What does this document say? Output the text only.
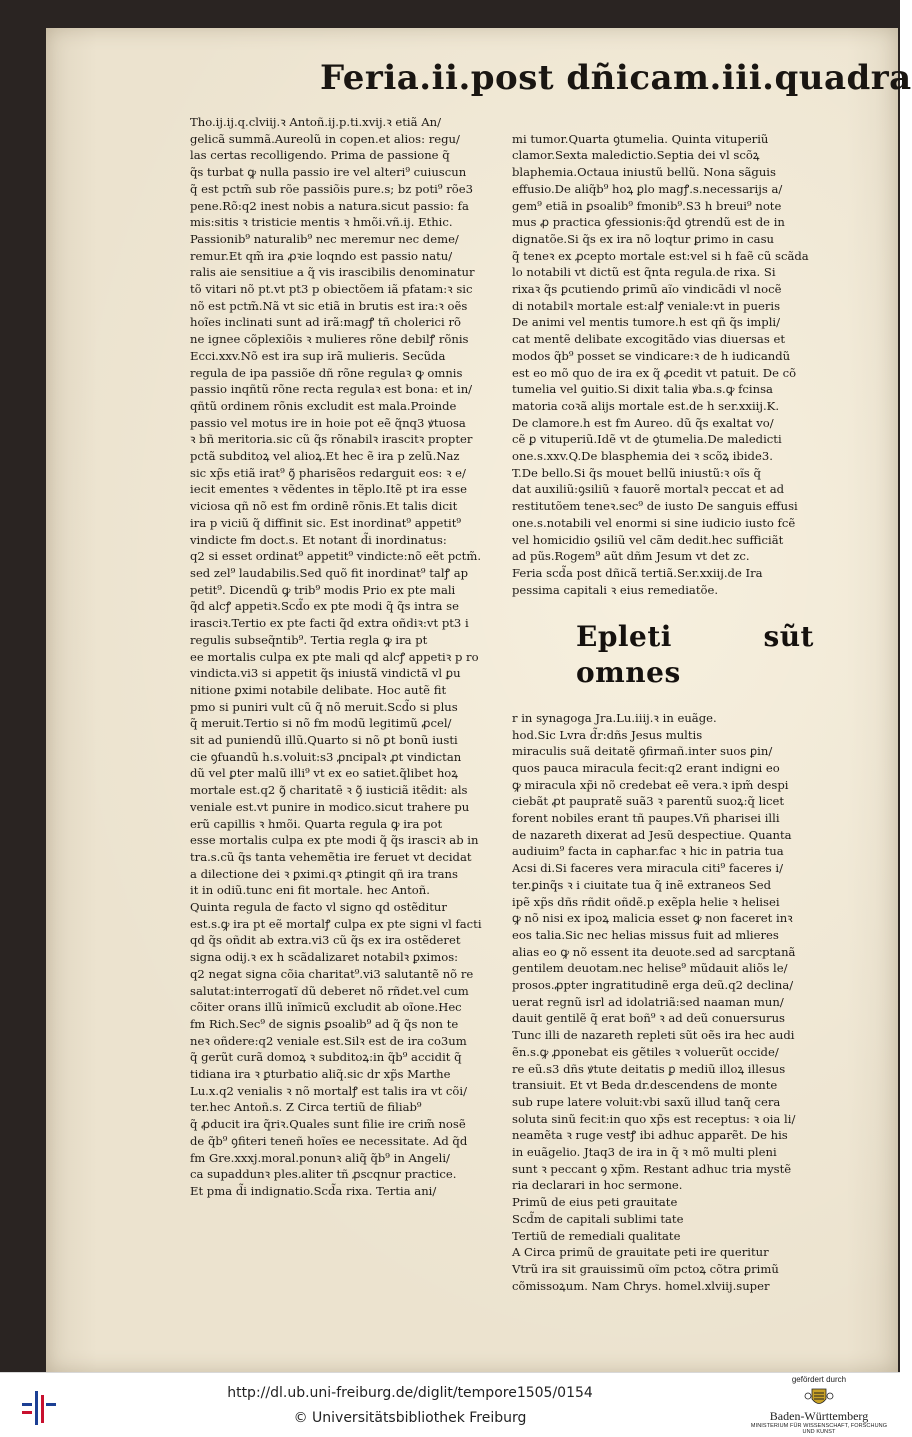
Feria.ii.post dñicam.iii.quadra
Tho.ij.ij.q.clviij.ꝛ Antoñ.ij.p.ti.xvij.ꝛ etiã An/
gelicã summã.Aureolũ in copen.et alios: regu/
las certas recolligendo. Prima de passione q̃
q̃s turbat ꝙ nulla passio ire vel alteri⁹ cuiuscun
q̃ est pctm̃ sub rõe passiõis pure.s; bz poti⁹ rõe3
pene.Rõ:q2 inest nobis a natura.sicut passio: fa
mis:sitis ꝛ tristicie mentis ꝛ hmõi.vñ.ij. Ethic.
Passionib⁹ naturalib⁹ nec meremur nec deme/
remur.Et qm̃ ira ꝓꝛie loqndo est passio natu/
ralis aie sensitiue a q̃ vis irascibilis denominatur
tõ vitari nõ pt.vt pt3 p obiectõem iã pfatam:ꝛ sic
nõ est pctm̃.Nã vt sic etiã in brutis est ira:ꝛ oẽs
hoĩes inclinati sunt ad irã:magꝭ tñ cholerici rõ
ne ignee cõplexiõis ꝛ mulieres rõne debilꝭ rõnis
Ecci.xxv.Nõ est ira sup irã mulieris. Secũda
regula de ipa passiõe dñ rõne regulaꝛ ꝙ omnis
passio inqñtũ rõne recta regulaꝛ est bona: et in/
qñtũ ordinem rõnis excludit est mala.Proinde
passio vel motus ire in hoie pot eẽ q̃nq3 ꝟtuosa
ꝛ bñ meritoria.sic cũ q̃s rõnabilꝛ irascitꝛ propter
pctã subditoꝝ vel alioꝝ.Et hec ẽ ira p zelũ.Naz
sic xp̃s etiã irat⁹ ꝯ̃ pharisẽos redarguit eos: ꝛ e/
iecit ementes ꝛ vẽdentes in tẽplo.Itẽ pt ira esse
viciosa qñ nõ est fm ordinẽ rõnis.Et talis dicit
ira p viciũ q̃ diffinit sic. Est inordinat⁹ appetit⁹
vindicte fm doct.s. Et notant d̃i inordinatus:
q2 si esset ordinat⁹ appetit⁹ vindicte:nõ eẽt pctm̃.
sed zel⁹ laudabilis.Sed quõ fit inordinat⁹ talꝭ ap
petit⁹. Dicendũ ꝙ trib⁹ modis Prio ex pte mali
q̃d alcꝭ appetiꝛ.Scd̃o ex pte modi q̃ q̃s intra se
irasciꝛ.Tertio ex pte facti q̃d extra oñdiꝛ:vt pt3 i
regulis subseq̃ntib⁹. Tertia regla ꝙ ira pt
ee mortalis culpa ex pte mali qd alcꝭ appetiꝛ p ro
vindicta.vi3 si appetit q̃s iniustã vindictã vl ꝑu
nitione ꝑximi notabile delibate. Hoc autẽ fit
pmo si puniri vult cũ q̃ nõ meruit.Scd̃o si plus
q̃ meruit.Tertio si nõ fm modũ legitimũ ꝓcel/
sit ad puniendũ illũ.Quarto si nõ ꝑt bonũ iusti
cie ꝯfuandũ h.s.voluit:s3 ꝓncipalꝛ ꝓt vindictan
dũ vel ꝑter malũ illi⁹ vt ex eo satiet.q̃libet hoꝝ
mortale est.q2 ꝯ̃ charitatẽ ꝛ ꝯ̃ iusticiã itẽdit: als
veniale est.vt punire in modico.sicut trahere pu
erũ capillis ꝛ hmõi. Quarta regula ꝙ ira pot
esse mortalis culpa ex pte modi q̃ q̃s irasciꝛ ab in
tra.s.cũ q̃s tanta vehemẽtia ire feruet vt decidat
a dilectione dei ꝛ ꝑximi.qꝛ ꝓtingit qñ ira trans
it in odiũ.tunc eni fit mortale. hec Antoñ.
Quinta regula de facto vl signo qd ostẽditur
est.s.ꝙ ira pt eẽ mortalꝭ culpa ex pte signi vl facti
qd q̃s oñdit ab extra.vi3 cũ q̃s ex ira ostẽderet
signa odij.ꝛ ex h scãdalizaret notabilꝛ ꝑximos:
q2 negat signa cõia charitat⁹.vi3 salutantẽ nõ re
salutat:interrogatĩ dũ deberet nõ rñdet.vel cum
cõiter orans illũ inĩmicũ excludit ab oĩone.Hec
fm Rich.Sec⁹ de signis ꝑsoalib⁹ ad q̃ q̃s non te
neꝛ oñdere:q2 veniale est.Silꝛ est de ira co3um
q̃ gerũt curã domoꝝ ꝛ subditoꝝ:in q̃b⁹ accidit q̃
tidiana ira ꝛ ꝑturbatio aliq̃.sic dr xp̃s Marthe
Lu.x.q2 venialis ꝛ nõ mortalꝭ est talis ira vt cõi/
ter.hec Antoñ.s. Z Circa tertiũ de filiab⁹
q̃ ꝓducit ira q̃riꝛ.Quales sunt filie ire crim̃ nosẽ
de q̃b⁹ ꝯfiteri teneñ hoĩes ee necessitate. Ad q̃d
fm Gre.xxxj.moral.ponunꝛ aliq̃ q̃b⁹ in Angeli/
ca supaddunꝛ ples.aliter tñ ꝓscqnur practice.
Et pma d̃i indignatio.Scd̃a rixa. Tertia ani/

mi tumor.Quarta ꝯtumelia. Quinta vituperiũ
clamor.Sexta maledictio.Septia dei vl scõꝝ
blaphemia.Octaua iniustũ bellũ. Nona sãguis
effusio.De aliq̃b⁹ hoꝝ ꝑlo magꝭ.s.necessarijs a/
gem⁹ etiã in ꝑsoalib⁹ fmonib⁹.S3 h breui⁹ note
mus ꝓ practica ꝯfessionis:q̃d ꝯtrendũ est de in
dignatõe.Si q̃s ex ira nõ loqtur ꝑrimo in casu
q̃ teneꝛ ex ꝓcepto mortale est:vel si h faẽ cũ scãda
lo notabili vt dictũ est q̃nta regula.de rixa. Si
rixaꝛ q̃s ꝑcutiendo ꝑrimũ aĩo vindicãdi vl nocẽ
di notabilꝛ mortale est:alꝭ veniale:vt in pueris
De animi vel mentis tumore.h est qñ q̃s impli/
cat mentẽ delibate excogitãdo vias diuersas et
modos q̃b⁹ posset se vindicare:ꝛ de h iudicandũ
est eo mõ quo de ira ex q̃ ꝓcedit vt patuit. De cõ
tumelia vel ꝯuitio.Si dixit talia ꝟba.s.ꝙ fcinsa
matoria coꝛã alijs mortale est.de h ser.xxiij.K.
De clamore.h est fm Aureo. dũ q̃s exaltat vo/
cẽ ꝑ vituperiũ.Idẽ vt de ꝯtumelia.De maledicti
one.s.xxv.Q.De blasphemia dei ꝛ scõꝝ ibide3.
T.De bello.Si q̃s mouet bellũ iniustũ:ꝛ oĩs q̃
dat auxiliũ:ꝯsiliũ ꝛ fauorẽ mortalꝛ peccat et ad
restitutõem teneꝛ.sec⁹ de iusto De sanguis effusi
one.s.notabili vel enormi si sine iudicio iusto fcẽ
vel homicidio ꝯsiliũ vel cãm dedit.hec sufficiãt
ad pũs.Rogem⁹ aũt dñm Jesum vt det zc.
Feria scd̃a post dñicã tertiã.Ser.xxiij.de Ira
pessima capitali ꝛ eius remediatõe.

Epleti sũt omnes

r in synagoga Jra.Lu.iiij.ꝛ in euãge.
hod.Sic Lvra d̃r:dñs Jesus multis
miraculis suã deitatẽ ꝯfirmañ.inter suos ꝑin/
quos pauca miracula fecit:q2 erant indigni eo
ꝙ miracula xp̃i nõ credebat eẽ vera.ꝛ ipm̃ despi
ciebãt ꝓt paupratẽ suã3 ꝛ parentũ suoꝝ:q̃ licet
forent nobiles erant tñ paupes.Vñ pharisei illi
de nazareth dixerat ad Jesũ despectiue. Quanta
audiuim⁹ facta in caphar.fac ꝛ hic in patria tua
Acsi di.Si faceres vera miracula citi⁹ faceres i/
ter.ꝑinq̃s ꝛ i ciuitate tua q̃ inẽ extraneos Sed
ipẽ xp̃s dñs rñdit oñdẽ.p exẽpla helie ꝛ helisei
ꝙ nõ nisi ex ipoꝝ malicia esset ꝙ non faceret inꝛ
eos talia.Sic nec helias missus fuit ad mlieres
alias eo ꝙ nõ essent ita deuote.sed ad sarcptanã
gentilem deuotam.nec helise⁹ mũdauit aliõs le/
prosos.ꝓpter ingratitudinẽ erga deũ.q2 declina/
uerat regnũ isrl ad idolatriã:sed naaman mun/
dauit gentilẽ q̃ erat boñ⁹ ꝛ ad deũ conuersurus
Tunc illi de nazareth repleti sũt oẽs ira hec audi
ẽn.s.ꝙ ꝓponebat eis gẽtiles ꝛ voluerũt occide/
re eũ.s3 dñs ꝟtute deitatis ꝑ mediũ illoꝝ illesus
transiuit. Et vt Beda dr.descendens de monte
sub rupe latere voluit:vbi saxũ illud tanq̃ cera
soluta sinũ fecit:in quo xp̃s est receptus: ꝛ oia li/
neamẽta ꝛ ruge vestꝭ ibi adhuc apparẽt. De his
in euãgelio. Jtaq3 de ira in q̃ ꝛ mõ multi pleni
sunt ꝛ peccant ꝯ xp̃m. Restant adhuc tria mystẽ
ria declarari in hoc sermone.
Primũ de eius peti grauitate
Scd̃m de capitali sublimi tate
Tertiũ de remediali qualitate
A Circa primũ de grauitate peti ire queritur
Vtrũ ira sit grauissimũ oĩm pctoꝝ cõtra ꝑrimũ
cõmissoꝝum. Nam Chrys. homel.xlviij.super

http://dl.ub.uni-freiburg.de/diglit/tempore1505/0154
© Universitätsbibliothek Freiburg
gefördert durch
Baden-Württemberg
MINISTERIUM FÜR WISSENSCHAFT, FORSCHUNG UND KUNST
